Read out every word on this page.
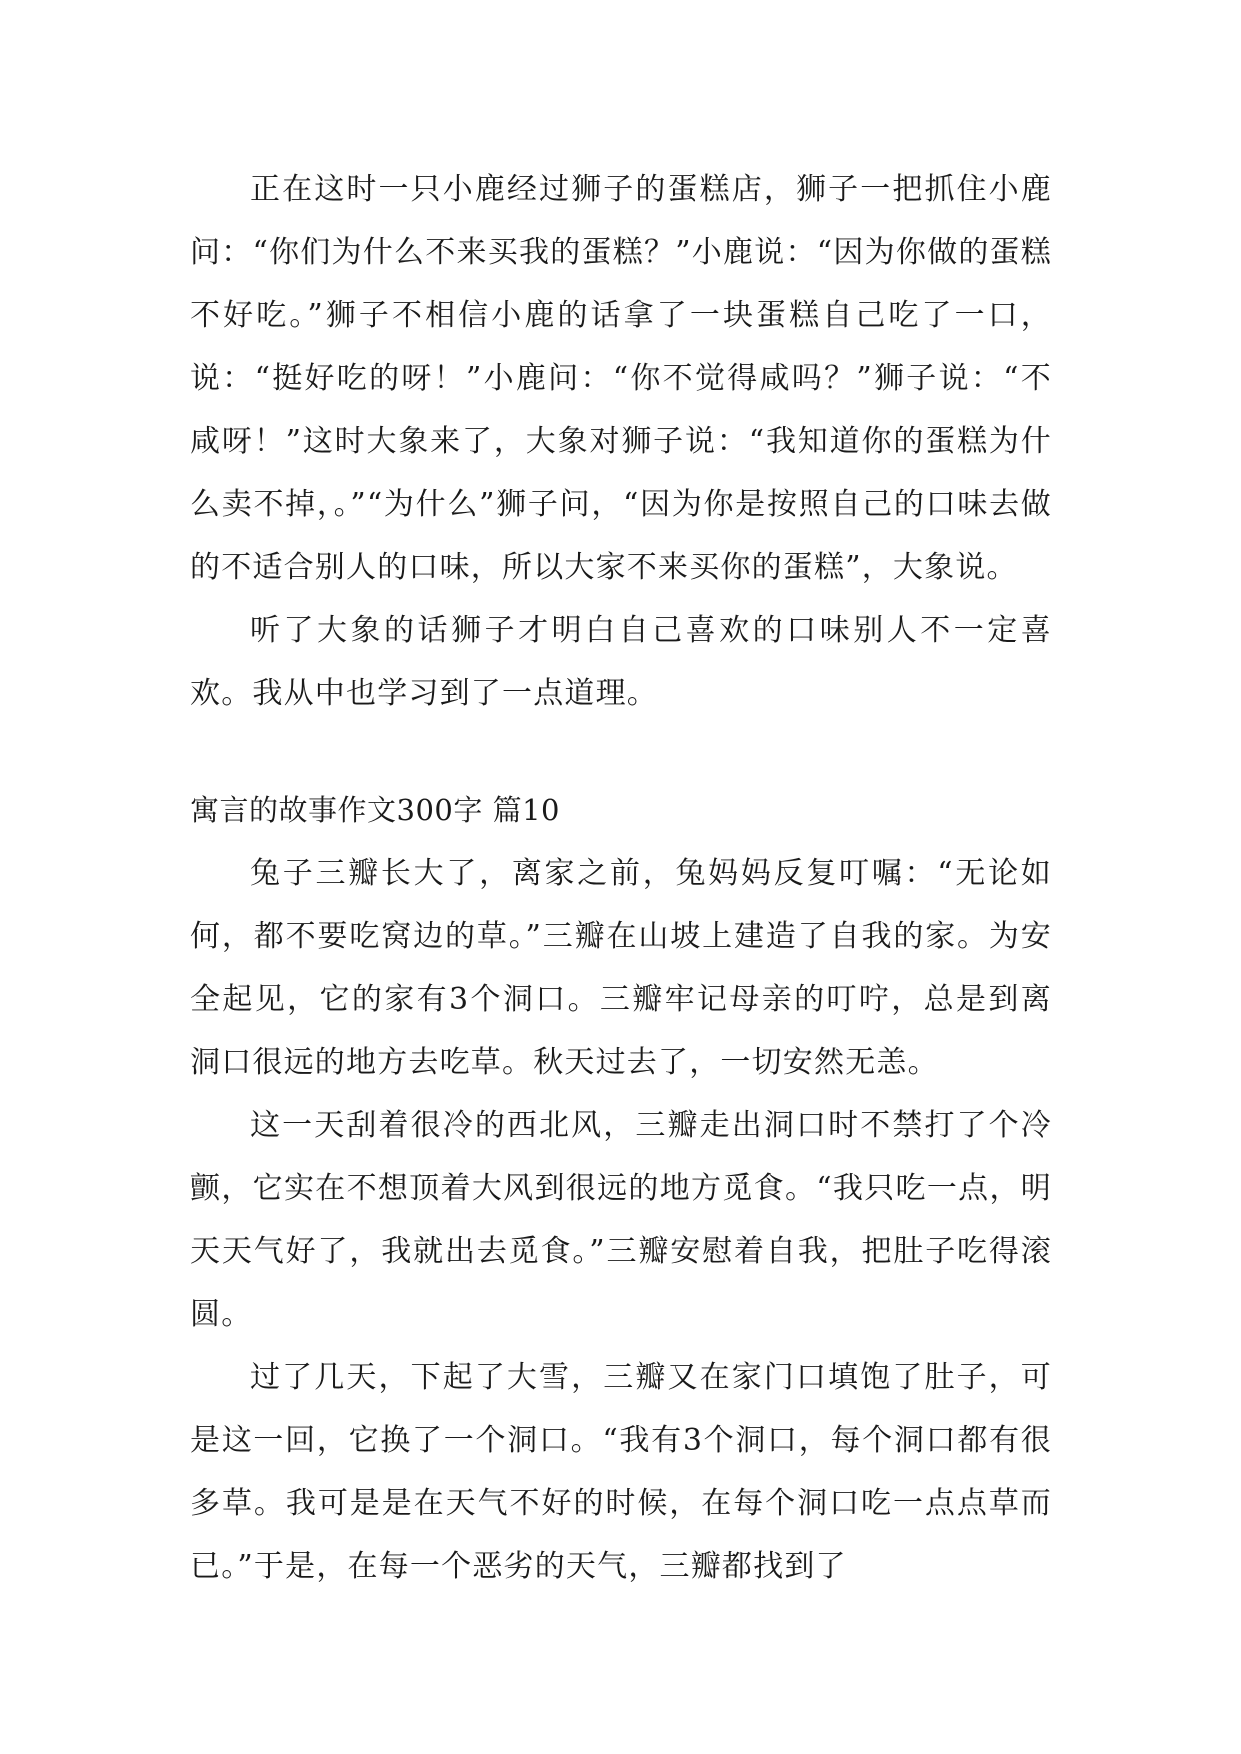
正在这时一只小鹿经过狮子的蛋糕店，狮子一把抓住小鹿问：“你们为什么不来买我的蛋糕？”小鹿说：“因为你做的蛋糕不好吃。”狮子不相信小鹿的话拿了一块蛋糕自己吃了一口，说：“挺好吃的呀！”小鹿问：“你不觉得咸吗？”狮子说：“不咸呀！”这时大象来了，大象对狮子说：“我知道你的蛋糕为什么卖不掉，。”“为什么”狮子问，“因为你是按照自己的口味去做的不适合别人的口味，所以大家不来买你的蛋糕”，大象说。

听了大象的话狮子才明白自己喜欢的口味别人不一定喜欢。我从中也学习到了一点道理。

寓言的故事作文300字 篇10

兔子三瓣长大了，离家之前，兔妈妈反复叮嘱：“无论如何，都不要吃窝边的草。”三瓣在山坡上建造了自我的家。为安全起见，它的家有3个洞口。三瓣牢记母亲的叮咛，总是到离洞口很远的地方去吃草。秋天过去了，一切安然无恙。

这一天刮着很冷的西北风，三瓣走出洞口时不禁打了个冷颤，它实在不想顶着大风到很远的地方觅食。“我只吃一点，明天天气好了，我就出去觅食。”三瓣安慰着自我，把肚子吃得滚圆。

过了几天，下起了大雪，三瓣又在家门口填饱了肚子，可是这一回，它换了一个洞口。“我有3个洞口，每个洞口都有很多草。我可是是在天气不好的时候，在每个洞口吃一点点草而已。”于是，在每一个恶劣的天气，三瓣都找到了
